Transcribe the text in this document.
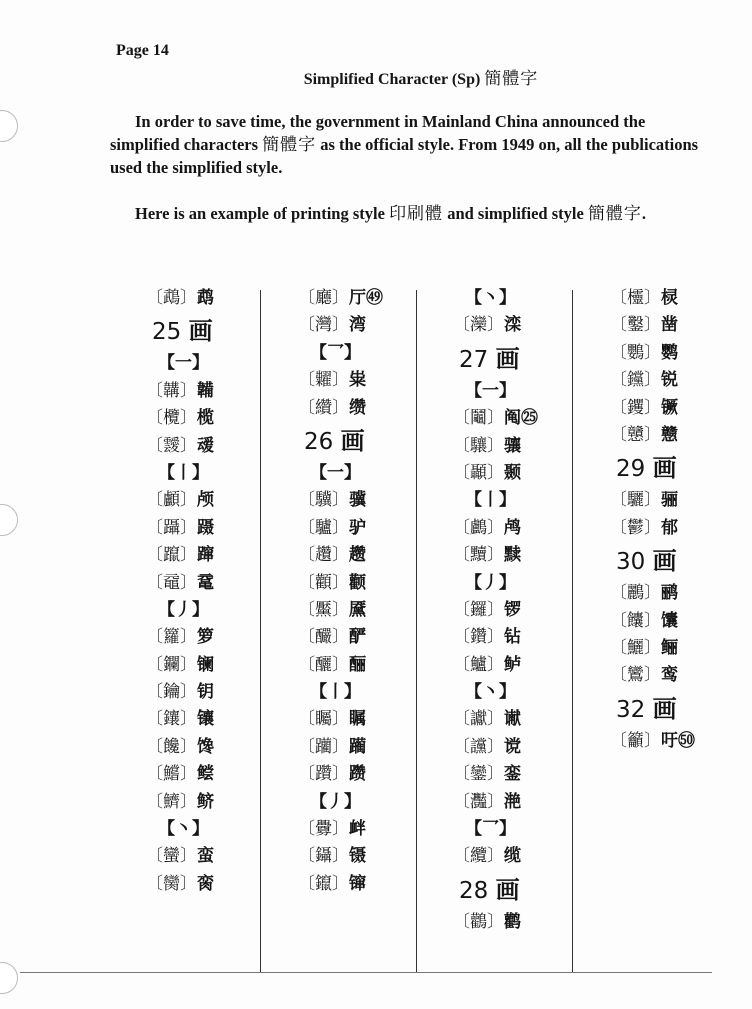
Page 14
Simplified Character (Sp) 簡體字
In order to save time, the government in Mainland China announced the simplified characters 簡體字 as the official style. From 1949 on, all the publications used the simplified style.
Here is an example of printing style 印刷體 and simplified style 簡體字.
〔鵡〕鹉
25 画
【一】
〔韝〕韛
〔欖〕榄
〔靉〕叆
【丨】
〔顱〕颅
〔躡〕蹑
〔躥〕蹿
〔黿〕鼋
【丿】
〔籮〕箩
〔鑭〕镧
〔鑰〕钥
〔鑲〕镶
〔饞〕馋
〔鱨〕鲿
〔鱭〕鲚
【丶】
〔蠻〕蛮
〔臠〕脔
〔廳〕厅㊾
〔灣〕湾
【乛】
〔糶〕粜
〔纘〕缵
26 画
【一】
〔驥〕骥
〔驢〕驴
〔趲〕趱
〔顴〕颧
〔黶〕黡
〔釅〕酽
〔釃〕酾
【丨】
〔矚〕瞩
〔躪〕躏
〔躦〕躜
【丿】
〔釁〕衅
〔鑷〕镊
〔鑹〕镩
【丶】
〔灤〕滦
27 画
【一】
〔鬮〕阄㉕
〔驤〕骧
〔顳〕颞
【丨】
〔鸕〕鸬
〔黷〕黩
【丿】
〔鑼〕锣
〔鑽〕钻
〔鱸〕鲈
【丶】
〔讞〕谳
〔讜〕谠
〔鑾〕銮
〔灩〕滟
【乛】
〔纜〕缆
28 画
〔鸛〕鹳
〔欞〕棂
〔鑿〕凿
〔鸚〕鹦
〔钂〕锐
〔钁〕镢
〔戇〕戆
29 画
〔驪〕骊
〔鬱〕郁
30 画
〔鸝〕鹂
〔饢〕馕
〔鱺〕鲡
〔鸞〕鸾
32 画
〔籲〕吁㊿
